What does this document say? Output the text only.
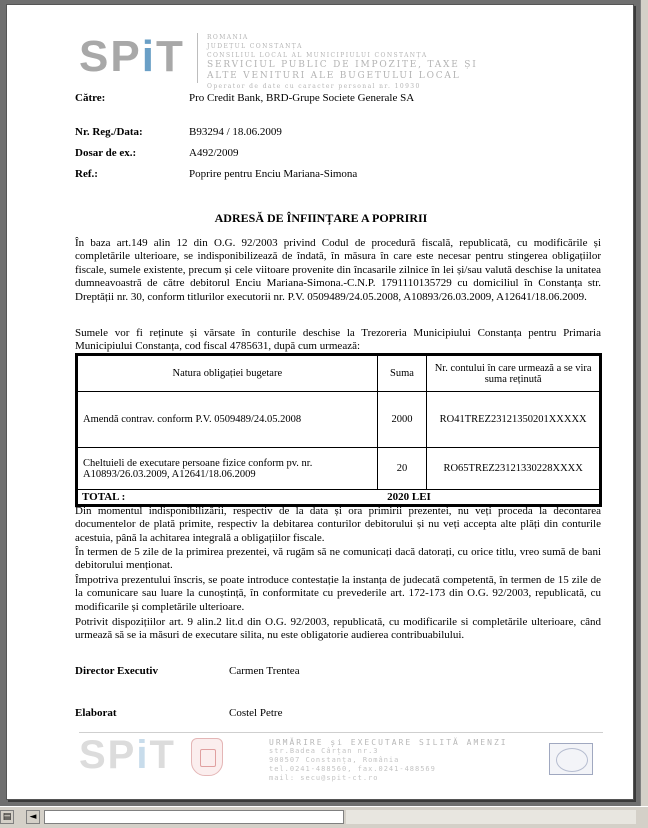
SPiT	ROMANIA
JUDEȚUL CONSTANȚA
CONSILIUL LOCAL AL MUNICIPIULUI CONSTANȚA
SERVICIUL PUBLIC DE IMPOZITE, TAXE ȘI
ALTE VENITURI ALE BUGETULUI LOCAL
Operator de date cu caracter personal nr. 10930
Către:	Pro Credit Bank, BRD-Grupe Societe Generale SA
Nr. Reg./Data:	B93294 / 18.06.2009
Dosar de ex.:	A492/2009
Ref.:	Poprire pentru Enciu Mariana-Simona
ADRESĂ DE ÎNFIINȚARE A POPRIRII
În baza art.149 alin 12 din O.G. 92/2003 privind Codul de procedură fiscală, republicată, cu modificările și completările ulterioare, se indisponibilizează de îndată, în măsura în care este necesar pentru stingerea obligațiilor fiscale, sumele existente, precum și cele viitoare provenite din încasarile zilnice în lei și/sau valută deschise la unitatea dumneavoastră de către debitorul Enciu Mariana-Simona.-C.N.P. 1791110135729 cu domiciliul în Constanța str. Dreptății nr. 30, conform titlurilor executorii nr. P.V. 0509489/24.05.2008, A10893/26.03.2009, A12641/18.06.2009.
Sumele vor fi reținute și vărsate în conturile deschise la Trezoreria Municipiului Constanța pentru Primaria Municipiului Constanța, cod fiscal 4785631, după cum urmează:
Natura obligației bugetare	Suma	Nr. contului în care urmează a se vira suma reținută
Amendă contrav. conform P.V. 0509489/24.05.2008	2000	RO41TREZ23121350201XXXXX
Cheltuieli de executare persoane fizice conform pv. nr. A10893/26.03.2009, A12641/18.06.2009	20	RO65TREZ23121330228XXXX
TOTAL :	2020 LEI	
Din momentul indisponibilizării, respectiv de la data și ora primirii prezentei, nu veți proceda la decontarea documentelor de plată primite, respectiv la debitarea conturilor debitorului și nu veți accepta alte plăți din conturile acestuia, până la achitarea integrală a obligațiilor fiscale.
În termen de 5 zile de la primirea prezentei, vă rugăm să ne comunicați dacă datorați, cu orice titlu, vreo sumă de bani debitorului menționat.
Împotriva prezentului înscris, se poate introduce contestație la instanța de judecată competentă, în termen de 15 zile de la comunicare sau luare la cunoștință, în conformitate cu prevederile art. 172-173 din O.G. 92/2003, republicată, cu modificarile și completările ulterioare.
Potrivit dispozițiilor art. 9 alin.2 lit.d din O.G. 92/2003, republicată, cu modificarile si completările ulterioare, când urmează să se ia măsuri de executare silita, nu este obligatorie audierea contribuabilului.
Director Executiv	Carmen Trentea
Elaborat	Costel Petre
SPiT	URMĂRIRE și EXECUTARE SILITĂ AMENZI
str.Badea Cârțan nr.3
900507 Constanța, România
tel.0241-488560, fax.0241-488569
mail: secu@spit-ct.ro
▤	◄
